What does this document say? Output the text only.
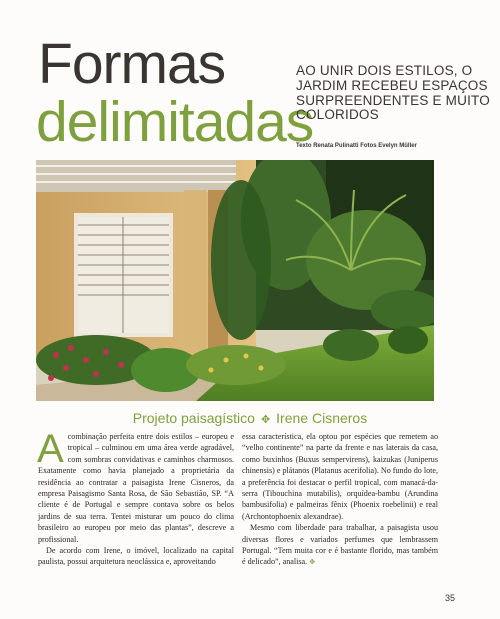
Formas
delimitadas
AO UNIR DOIS ESTILOS, O JARDIM RECEBEU ESPAÇOS SURPREENDENTES E MUITO COLORIDOS
Texto Renata Pulinatti Fotos Evelyn Müller
Projeto paisagístico ✥ Irene Cisneros
A combinação perfeita entre dois estilos – europeu e tropical – culminou em uma área verde agradável, com sombras convidativas e caminhos charmosos. Exatamente como havia planejado a proprietária da residência ao contratar a paisagista Irene Cisneros, da empresa Paisagismo Santa Rosa, de São Sebastião, SP. “A cliente é de Portugal e sempre contava sobre os belos jardins de sua terra. Tentei misturar um pouco do clima brasileiro ao europeu por meio das plantas”, descreve a profissional.

De acordo com Irene, o imóvel, localizado na capital paulista, possui arquitetura neoclássica e, aproveitando

essa característica, ela optou por espécies que remetem ao “velho continente” na parte da frente e nas laterais da casa, como buxinhos (Buxus sempervirens), kaizukas (Juniperus chinensis) e plátanos (Platanus acerifolia). No fundo do lote, a preferência foi destacar o perfil tropical, com manacá-da-serra (Tibouchina mutabilis), orquídea-bambu (Arundina bambusifolia) e palmeiras fênix (Phoenix roebelinii) e real (Archontophoenix alexandrae).

Mesmo com liberdade para trabalhar, a paisagista usou diversas flores e variados perfumes que lembrassem Portugal. “Tem muita cor e é bastante florido, mas também é delicado”, analisa. ✥

35
